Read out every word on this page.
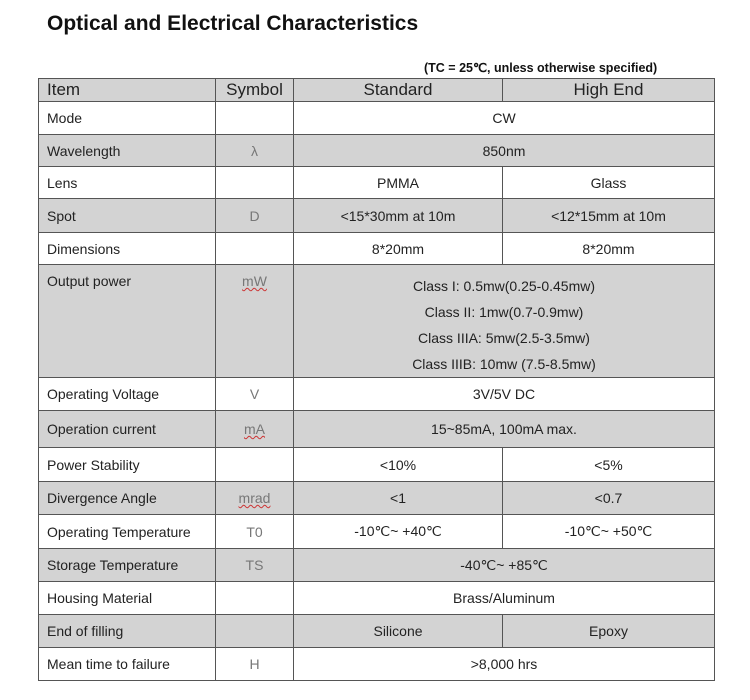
Optical and Electrical Characteristics
(TC = 25℃, unless otherwise specified)
Item	Symbol	Standard	High End
Mode		CW	
Wavelength	λ	850nm	
Lens		PMMA	Glass
Spot	D	<15*30mm at 10m	<12*15mm at 10m
Dimensions		8*20mm	8*20mm
Output power	mW	Class I: 0.5mw(0.25-0.45mw)
Class II: 1mw(0.7-0.9mw)
Class IIIA: 5mw(2.5-3.5mw)
Class IIIB: 10mw (7.5-8.5mw)	

Operating Voltage	V	3V/5V DC	
Operation current	mA	15~85mA, 100mA max.	
Power Stability		<10%	<5%
Divergence Angle	mrad	<1	<0.7
Operating Temperature	T0	-10℃~ +40℃	-10℃~ +50℃
Storage Temperature	TS	-40℃~ +85℃	
Housing Material		Brass/Aluminum	
End of filling		Silicone	Epoxy
Mean time to failure	H	>8,000 hrs	
